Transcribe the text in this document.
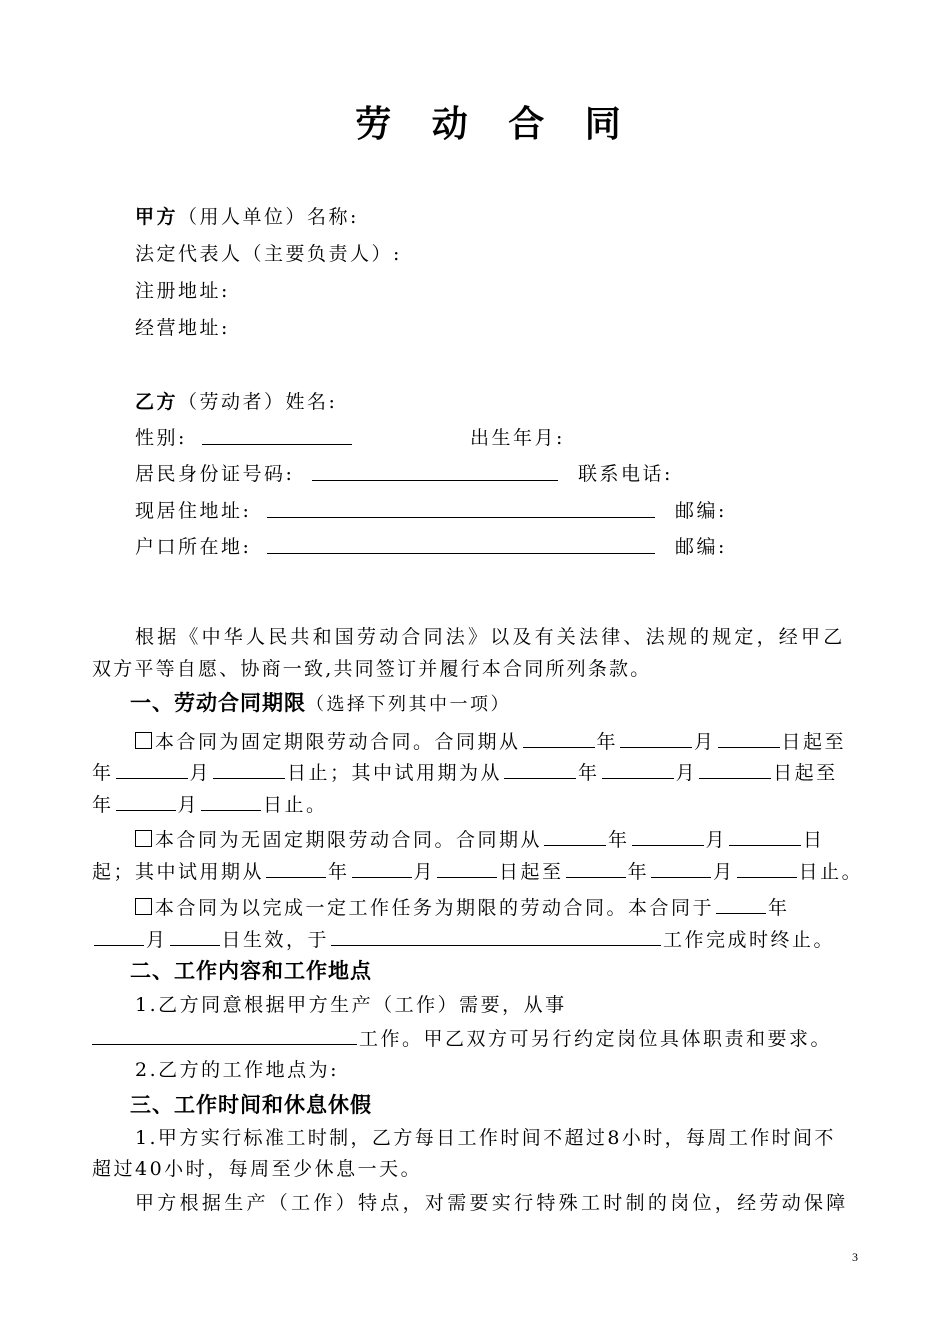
劳 动 合 同
甲方（用人单位）名称:
法定代表人（主要负责人）:
注册地址:
经营地址:
乙方（劳动者）姓名:
性别:	出生年月:
居民身份证号码:	联系电话:
现居住地址:	邮编:
户口所在地:	邮编:
根据《中华人民共和国劳动合同法》以及有关法律、法规的规定，经甲乙
双方平等自愿、协商一致,共同签订并履行本合同所列条款。
一、劳动合同期限（选择下列其中一项）
本合同为固定期限劳动合同。合同期从	年	月	日起至
年	月	日止；其中试用期为从	年	月	日起至
年	月	日止。
本合同为无固定期限劳动合同。合同期从	年	月	日
起；其中试用期从	年	月	日起至	年	月	日止。
本合同为以完成一定工作任务为期限的劳动合同。本合同于	年
月	日生效，于	工作完成时终止。
二、工作内容和工作地点
1.乙方同意根据甲方生产（工作）需要，从事
工作。甲乙双方可另行约定岗位具体职责和要求。
2.乙方的工作地点为:
三、工作时间和休息休假
1.甲方实行标准工时制，乙方每日工作时间不超过8小时，每周工作时间不
超过40小时，每周至少休息一天。
甲方根据生产（工作）特点，对需要实行特殊工时制的岗位，经劳动保障
3
